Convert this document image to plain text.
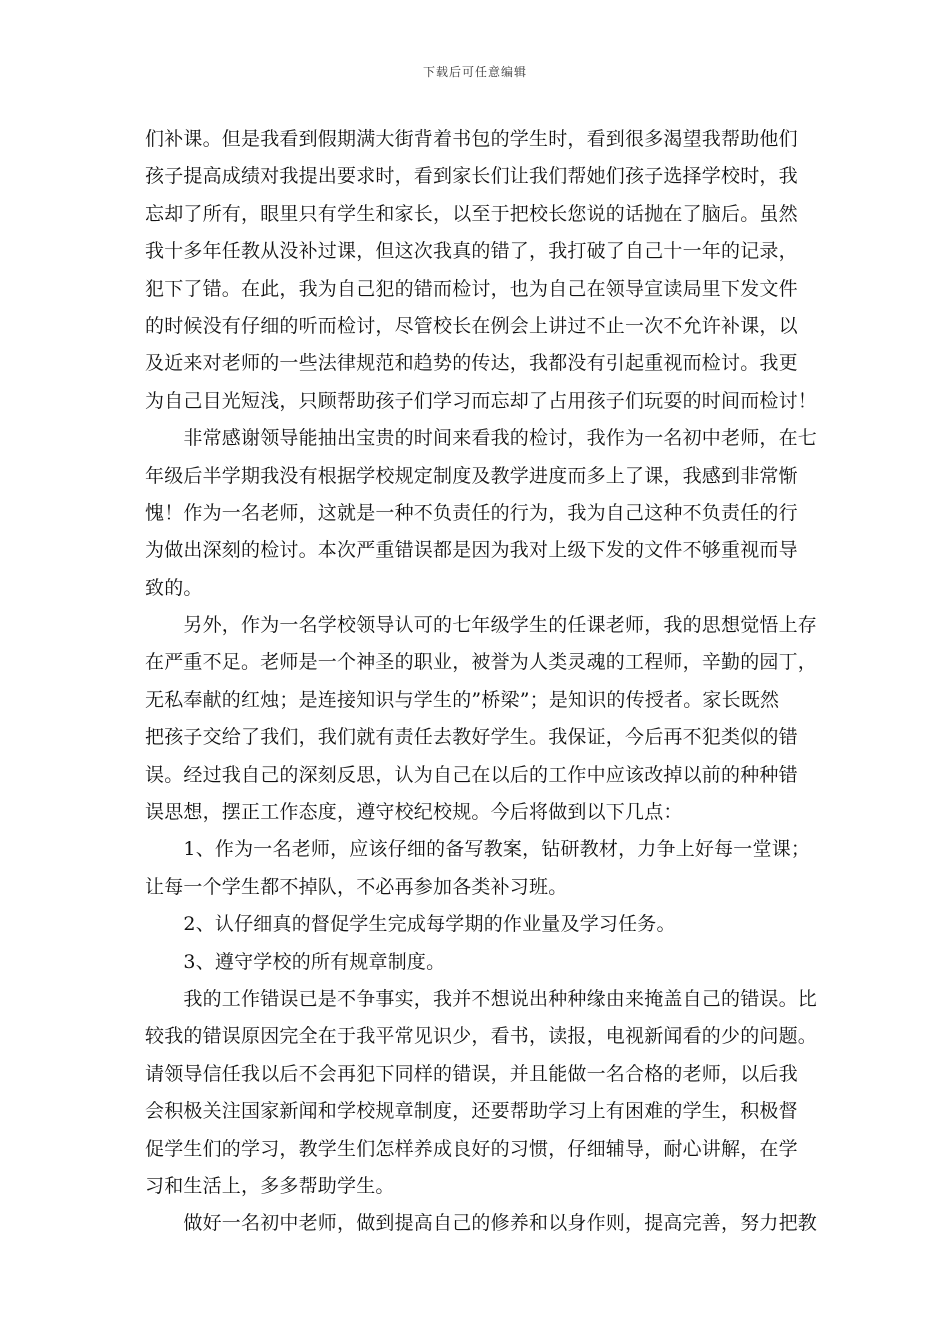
下载后可任意编辑
们补课。但是我看到假期满大街背着书包的学生时，看到很多渴望我帮助他们
孩子提高成绩对我提出要求时，看到家长们让我们帮她们孩子选择学校时，我
忘却了所有，眼里只有学生和家长，以至于把校长您说的话抛在了脑后。虽然
我十多年任教从没补过课，但这次我真的错了，我打破了自己十一年的记录，
犯下了错。在此，我为自己犯的错而检讨，也为自己在领导宣读局里下发文件
的时候没有仔细的听而检讨，尽管校长在例会上讲过不止一次不允许补课，以
及近来对老师的一些法律规范和趋势的传达，我都没有引起重视而检讨。我更
为自己目光短浅，只顾帮助孩子们学习而忘却了占用孩子们玩耍的时间而检讨！
　　非常感谢领导能抽出宝贵的时间来看我的检讨，我作为一名初中老师，在七
年级后半学期我没有根据学校规定制度及教学进度而多上了课，我感到非常惭
愧！作为一名老师，这就是一种不负责任的行为，我为自己这种不负责任的行
为做出深刻的检讨。本次严重错误都是因为我对上级下发的文件不够重视而导
致的。
　　另外，作为一名学校领导认可的七年级学生的任课老师，我的思想觉悟上存
在严重不足。老师是一个神圣的职业，被誉为人类灵魂的工程师，辛勤的园丁，
无私奉献的红烛；是连接知识与学生的”桥梁”；是知识的传授者。家长既然
把孩子交给了我们，我们就有责任去教好学生。我保证，今后再不犯类似的错
误。经过我自己的深刻反思，认为自己在以后的工作中应该改掉以前的种种错
误思想，摆正工作态度，遵守校纪校规。今后将做到以下几点：
　　1、作为一名老师，应该仔细的备写教案，钻研教材，力争上好每一堂课；
让每一个学生都不掉队，不必再参加各类补习班。
　　2、认仔细真的督促学生完成每学期的作业量及学习任务。
　　3、遵守学校的所有规章制度。
　　我的工作错误已是不争事实，我并不想说出种种缘由来掩盖自己的错误。比
较我的错误原因完全在于我平常见识少，看书，读报，电视新闻看的少的问题。
请领导信任我以后不会再犯下同样的错误，并且能做一名合格的老师，以后我
会积极关注国家新闻和学校规章制度，还要帮助学习上有困难的学生，积极督
促学生们的学习，教学生们怎样养成良好的习惯，仔细辅导，耐心讲解，在学
习和生活上，多多帮助学生。
　　做好一名初中老师，做到提高自己的修养和以身作则，提高完善，努力把教
